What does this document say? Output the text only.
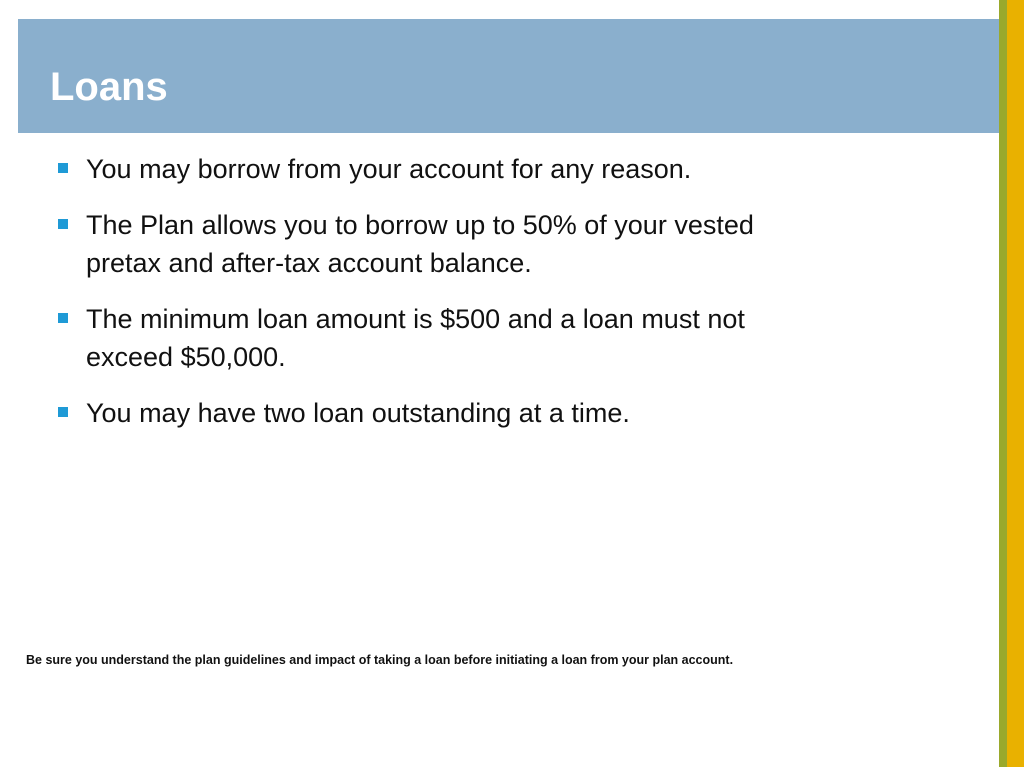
Loans
You may borrow from your account for any reason.
The Plan allows you to borrow up to 50% of your vested pretax and after-tax account balance.
The minimum loan amount is $500 and a loan must not exceed $50,000.
You may have two loan outstanding at a time.

Be sure you understand the plan guidelines and impact of taking a loan before initiating a loan from your plan account.
